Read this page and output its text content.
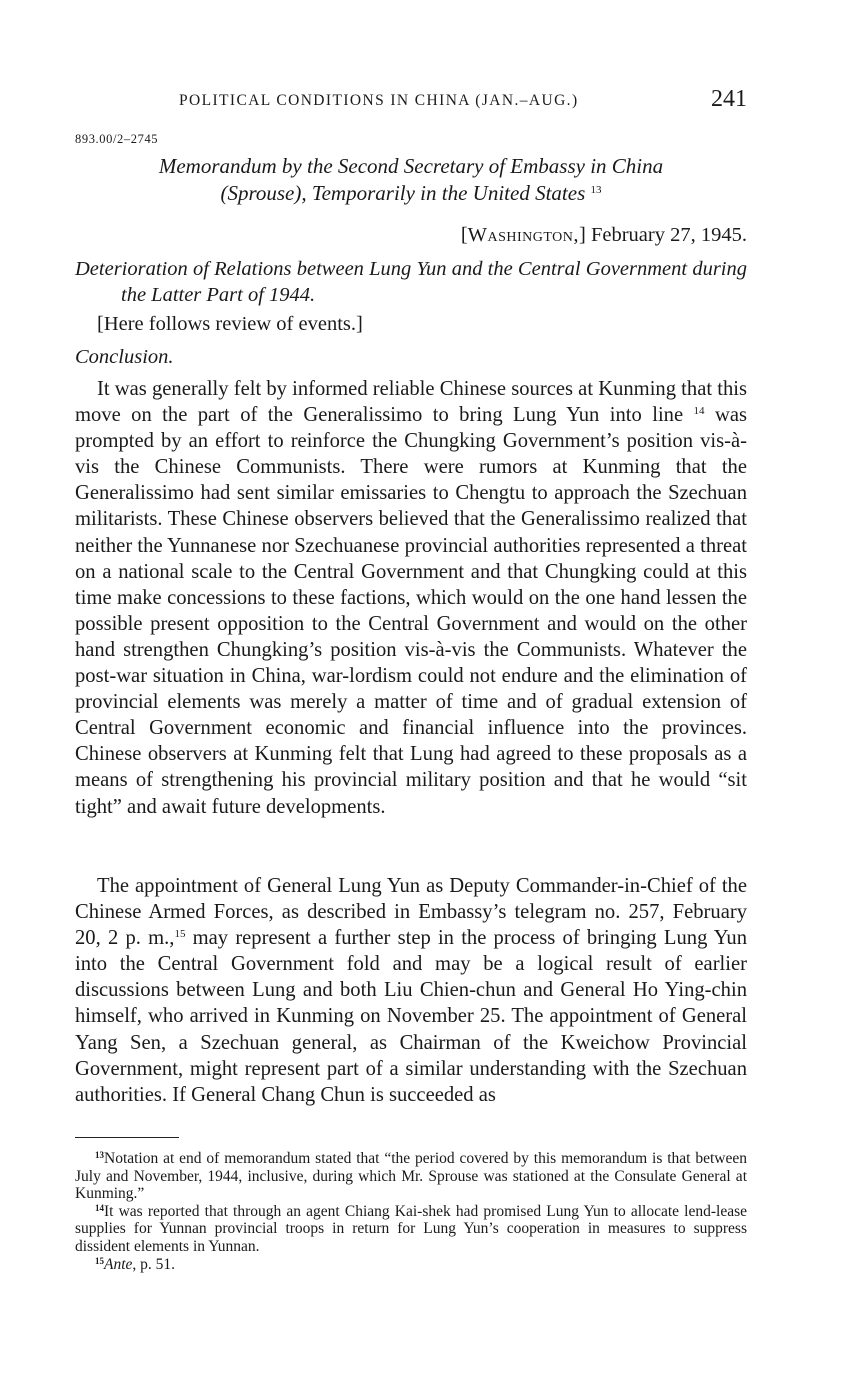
POLITICAL CONDITIONS IN CHINA (JAN.–AUG.)	241
893.00/2–2745
Memorandum by the Second Secretary of Embassy in China
(Sprouse), Temporarily in the United States $^{13}$
[Washington,] February 27, 1945.
Deterioration of Relations between Lung Yun and the Central Government during the Latter Part of 1944.
[Here follows review of events.]
Conclusion.

It was generally felt by informed reliable Chinese sources at Kunming that this move on the part of the Generalissimo to bring Lung Yun into line $^{14}$ was prompted by an effort to reinforce the Chungking Government’s position vis-à-vis the Chinese Communists. There were rumors at Kunming that the Generalissimo had sent similar emissaries to Chengtu to approach the Szechuan militarists. These Chinese observers believed that the Generalissimo realized that neither the Yunnanese nor Szechuanese provincial authorities represented a threat on a national scale to the Central Government and that Chungking could at this time make concessions to these factions, which would on the one hand lessen the possible present opposition to the Central Government and would on the other hand strengthen Chungking’s position vis-à-vis the Communists. Whatever the post-war situation in China, war-lordism could not endure and the elimination of provincial elements was merely a matter of time and of gradual extension of Central Government economic and financial influence into the provinces. Chinese observers at Kunming felt that Lung had agreed to these proposals as a means of strengthening his provincial military position and that he would “sit tight” and await future developments.

The appointment of General Lung Yun as Deputy Commander-in-Chief of the Chinese Armed Forces, as described in Embassy’s telegram no. 257, February 20, 2 p. m.,$^{15}$ may represent a further step in the process of bringing Lung Yun into the Central Government fold and may be a logical result of earlier discussions between Lung and both Liu Chien-chun and General Ho Ying-chin himself, who arrived in Kunming on November 25. The appointment of General Yang Sen, a Szechuan general, as Chairman of the Kweichow Provincial Government, might represent part of a similar understanding with the Szechuan authorities. If General Chang Chun is succeeded as

$^{13}$Notation at end of memorandum stated that “the period covered by this memorandum is that between July and November, 1944, inclusive, during which Mr. Sprouse was stationed at the Consulate General at Kunming.”

$^{14}$It was reported that through an agent Chiang Kai-shek had promised Lung Yun to allocate lend-lease supplies for Yunnan provincial troops in return for Lung Yun’s cooperation in measures to suppress dissident elements in Yunnan.

$^{15}$Ante, p. 51.
